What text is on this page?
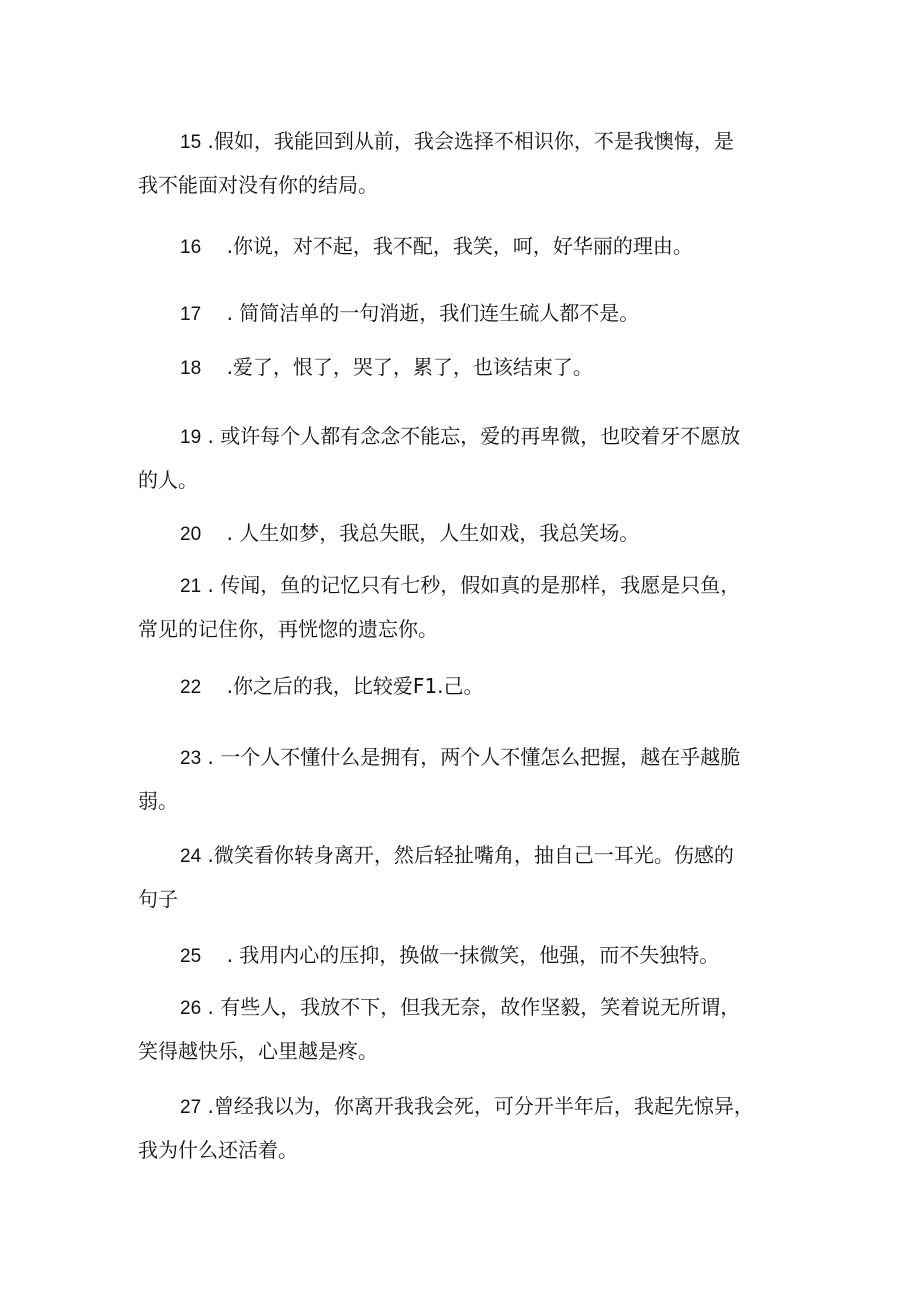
15 .假如，我能回到从前，我会选择不相识你，不是我懊悔，是
我不能面对没有你的结局。
16    .你说，对不起，我不配，我笑，呵，好华丽的理由。
17    . 简简洁单的一句消逝，我们连生硫人都不是。
18    .爱了，恨了，哭了，累了，也该结束了。
19 . 或许每个人都有念念不能忘，爱的再卑微，也咬着牙不愿放
的人。
20    . 人生如梦，我总失眠，人生如戏，我总笑场。
21 . 传闻，鱼的记忆只有七秒，假如真的是那样，我愿是只鱼，
常见的记住你，再恍惚的遗忘你。
22    .你之后的我，比较爱F1.己。
23 . 一个人不懂什么是拥有，两个人不懂怎么把握，越在乎越脆
弱。
24 .微笑看你转身离开，然后轻扯嘴角，抽自己一耳光。伤感的
句子
25    . 我用内心的压抑，换做一抹微笑，他强，而不失独特。
26 . 有些人，我放不下，但我无奈，故作坚毅，笑着说无所谓，
笑得越快乐，心里越是疼。
27 .曾经我以为，你离开我我会死，可分开半年后，我起先惊异，
我为什么还活着。
